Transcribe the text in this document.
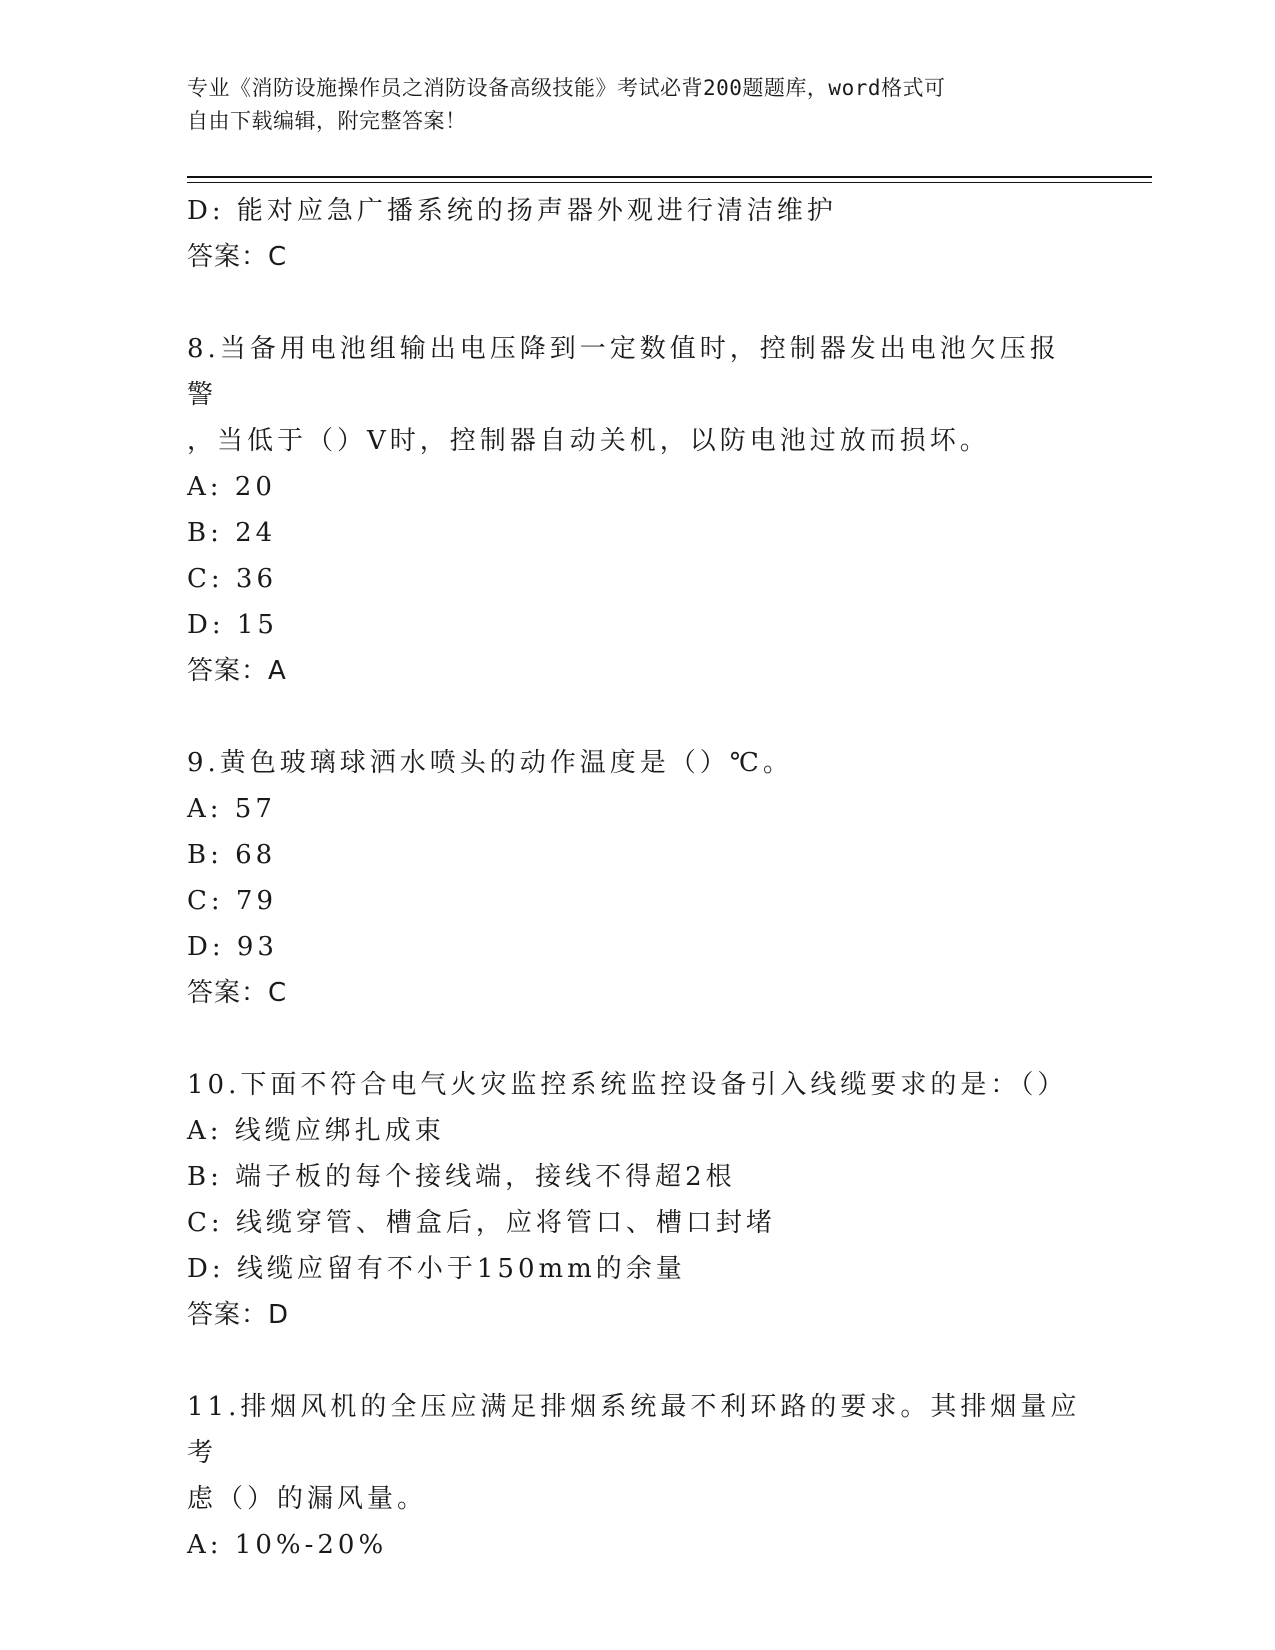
专业《消防设施操作员之消防设备高级技能》考试必背200题题库，word格式可
自由下载编辑，附完整答案！
D: 能对应急广播系统的扬声器外观进行清洁维护
答案：C
8.当备用电池组输出电压降到一定数值时，控制器发出电池欠压报警
，当低于（）V时，控制器自动关机，以防电池过放而损坏。
A: 20
B: 24
C: 36
D: 15
答案：A
9.黄色玻璃球洒水喷头的动作温度是（）℃。
A: 57
B: 68
C: 79
D: 93
答案：C
10.下面不符合电气火灾监控系统监控设备引入线缆要求的是：（）
A: 线缆应绑扎成束
B: 端子板的每个接线端，接线不得超2根
C: 线缆穿管、槽盒后，应将管口、槽口封堵
D: 线缆应留有不小于150mm的余量
答案：D
11.排烟风机的全压应满足排烟系统最不利环路的要求。其排烟量应考
虑（）的漏风量。
A: 10%-20%
